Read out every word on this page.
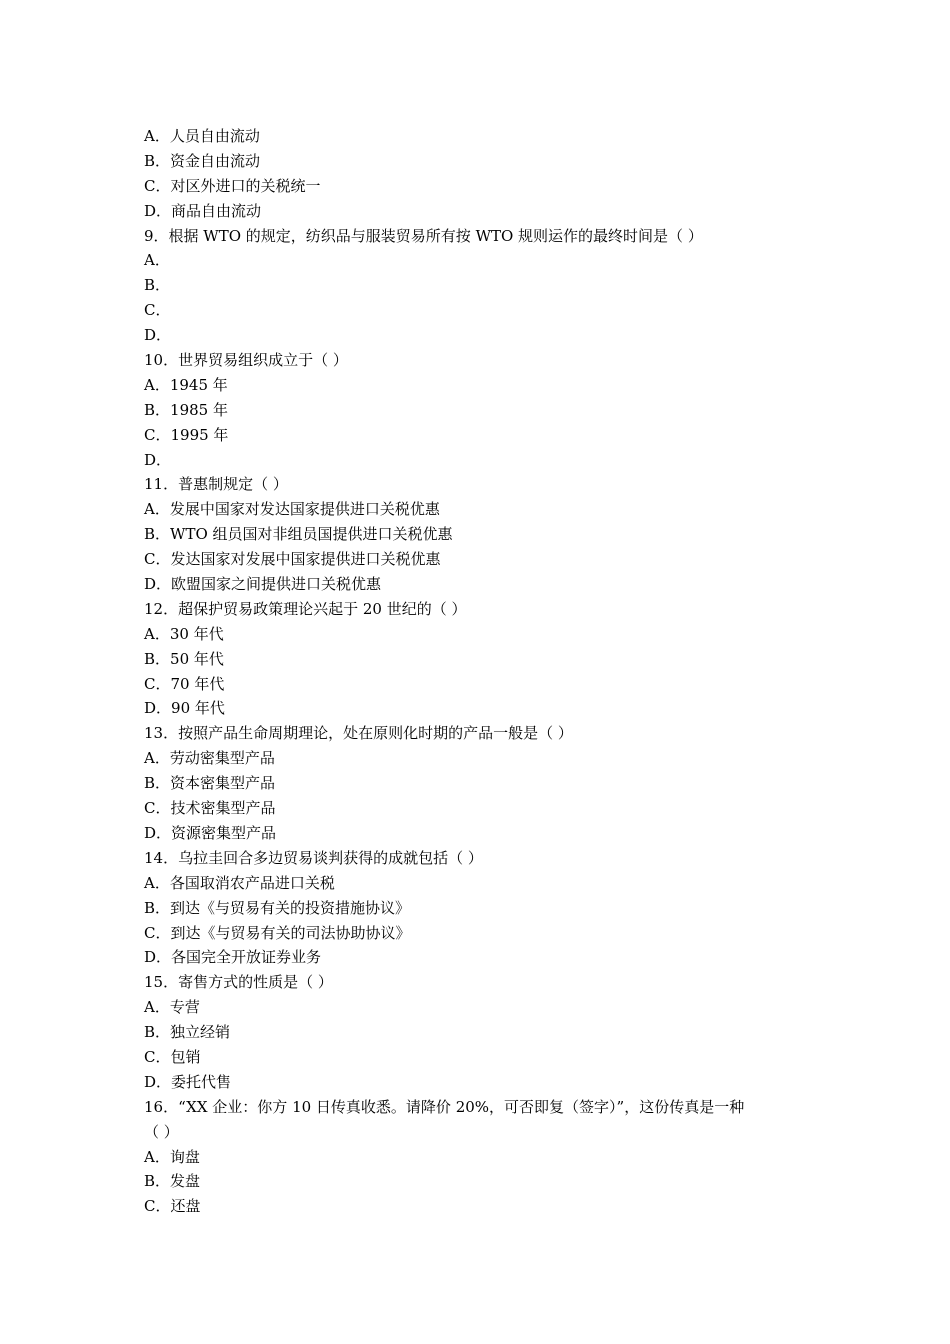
A．人员自由流动
B．资金自由流动
C．对区外进口的关税统一
D．商品自由流动
9．根据 WTO 的规定，纺织品与服装贸易所有按 WTO 规则运作的最终时间是（ ）
A．
B．
C．
D．
10．世界贸易组织成立于（ ）
A．1945 年
B．1985 年
C．1995 年
D．
11．普惠制规定（ ）
A．发展中国家对发达国家提供进口关税优惠
B．WTO 组员国对非组员国提供进口关税优惠
C．发达国家对发展中国家提供进口关税优惠
D．欧盟国家之间提供进口关税优惠
12．超保护贸易政策理论兴起于 20 世纪的（ ）
A．30 年代
B．50 年代
C．70 年代
D．90 年代
13．按照产品生命周期理论，处在原则化时期的产品一般是（ ）
A．劳动密集型产品
B．资本密集型产品
C．技术密集型产品
D．资源密集型产品
14．乌拉圭回合多边贸易谈判获得的成就包括（ ）
A．各国取消农产品进口关税
B．到达《与贸易有关的投资措施协议》
C．到达《与贸易有关的司法协助协议》
D．各国完全开放证券业务
15．寄售方式的性质是（ ）
A．专营
B．独立经销
C．包销
D．委托代售
16．“XX 企业：你方 10 日传真收悉。请降价 20%，可否即复（签字）”，这份传真是一种
（ ）
A．询盘
B．发盘
C．还盘
